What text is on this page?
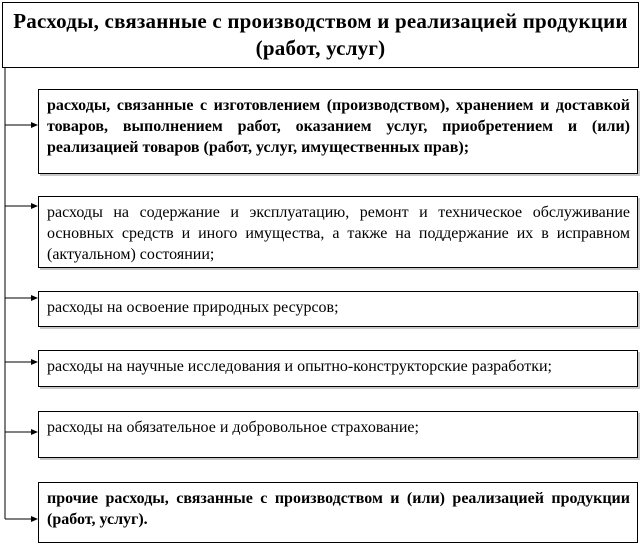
Расходы, связанные с производством и реализацией продукции (работ, услуг)
расходы, связанные с изготовлением (производством), хранением и доставкой товаров, выполнением работ, оказанием услуг, приобретением и (или) реализацией товаров (работ, услуг, имущественных прав);
расходы на содержание и эксплуатацию, ремонт и техническое обслуживание основных средств и иного имущества, а также на поддержание их в исправном (актуальном) состоянии;
расходы на освоение природных ресурсов;
расходы на научные исследования и опытно-конструкторские разработки;
расходы на обязательное и добровольное страхование;
прочие расходы, связанные с производством и (или) реализацией продукции (работ, услуг).
